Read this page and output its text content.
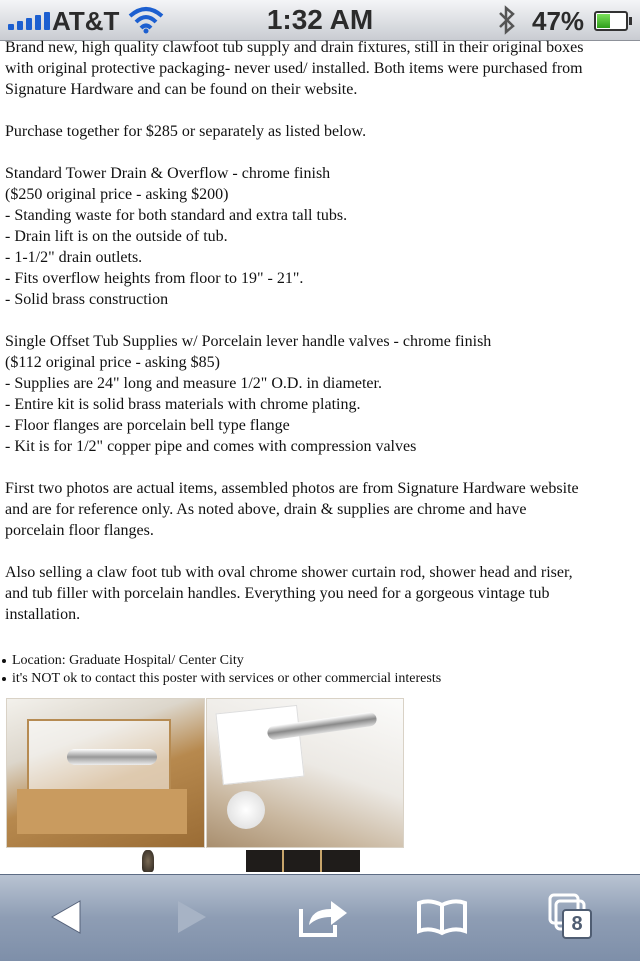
AT&T	1:32 AM	47%

Brand new, high quality clawfoot tub supply and drain fixtures, still in their original boxes
with original protective packaging- never used/ installed. Both items were purchased from
Signature Hardware and can be found on their website.

Purchase together for $285 or separately as listed below.

Standard Tower Drain & Overflow - chrome finish
($250 original price - asking $200)
- Standing waste for both standard and extra tall tubs.
- Drain lift is on the outside of tub.
- 1-1/2" drain outlets.
- Fits overflow heights from floor to 19" - 21".
- Solid brass construction

Single Offset Tub Supplies w/ Porcelain lever handle valves - chrome finish
($112 original price - asking $85)
- Supplies are 24" long and measure 1/2" O.D. in diameter.
- Entire kit is solid brass materials with chrome plating.
- Floor flanges are porcelain bell type flange
- Kit is for 1/2" copper pipe and comes with compression valves

First two photos are actual items, assembled photos are from Signature Hardware website
and are for reference only. As noted above, drain & supplies are chrome and have
porcelain floor flanges.

Also selling a claw foot tub with oval chrome shower curtain rod, shower head and riser,
and tub filler with porcelain handles. Everything you need for a gorgeous vintage tub
installation.

Location: Graduate Hospital/ Center City
it's NOT ok to contact this poster with services or other commercial interests
8
